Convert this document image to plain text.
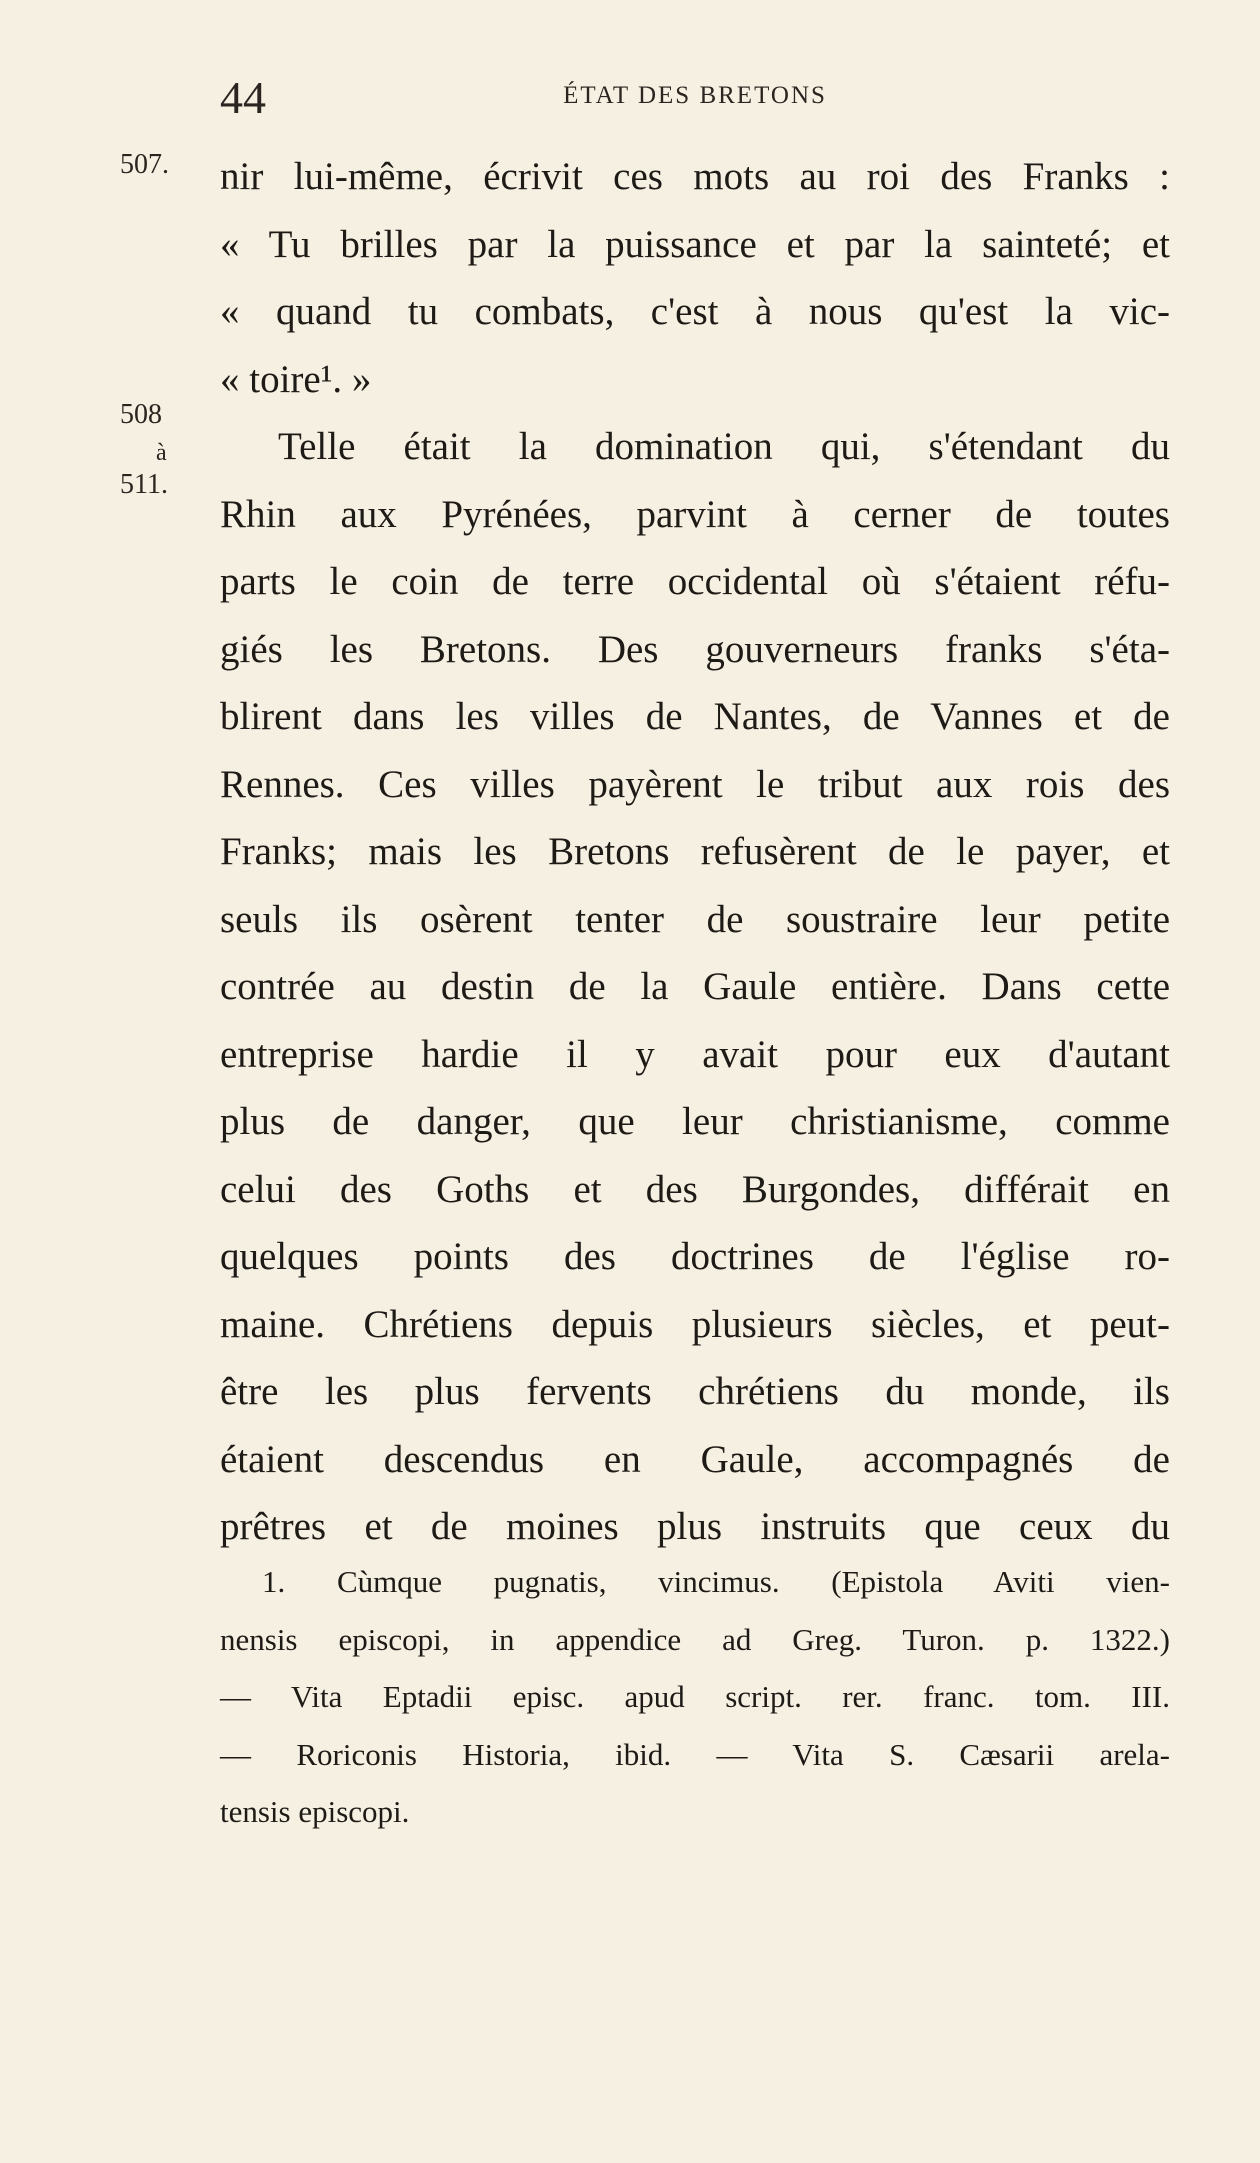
44	ÉTAT DES BRETONS
507.
508
à
511.
nir lui-même, écrivit ces mots au roi des Franks :
« Tu brilles par la puissance et par la sainteté; et
« quand tu combats, c'est à nous qu'est la vic-
« toire¹. »
Telle était la domination qui, s'étendant du
Rhin aux Pyrénées, parvint à cerner de toutes
parts le coin de terre occidental où s'étaient réfu-
giés les Bretons. Des gouverneurs franks s'éta-
blirent dans les villes de Nantes, de Vannes et de
Rennes. Ces villes payèrent le tribut aux rois des
Franks; mais les Bretons refusèrent de le payer, et
seuls ils osèrent tenter de soustraire leur petite
contrée au destin de la Gaule entière. Dans cette
entreprise hardie il y avait pour eux d'autant
plus de danger, que leur christianisme, comme
celui des Goths et des Burgondes, différait en
quelques points des doctrines de l'église ro-
maine. Chrétiens depuis plusieurs siècles, et peut-
être les plus fervents chrétiens du monde, ils
étaient descendus en Gaule, accompagnés de
prêtres et de moines plus instruits que ceux du
1. Cùmque pugnatis, vincimus. (Epistola Aviti vien-
nensis episcopi, in appendice ad Greg. Turon. p. 1322.)
— Vita Eptadii episc. apud script. rer. franc. tom. III.
— Roriconis Historia, ibid. — Vita S. Cæsarii arela-
tensis episcopi.
